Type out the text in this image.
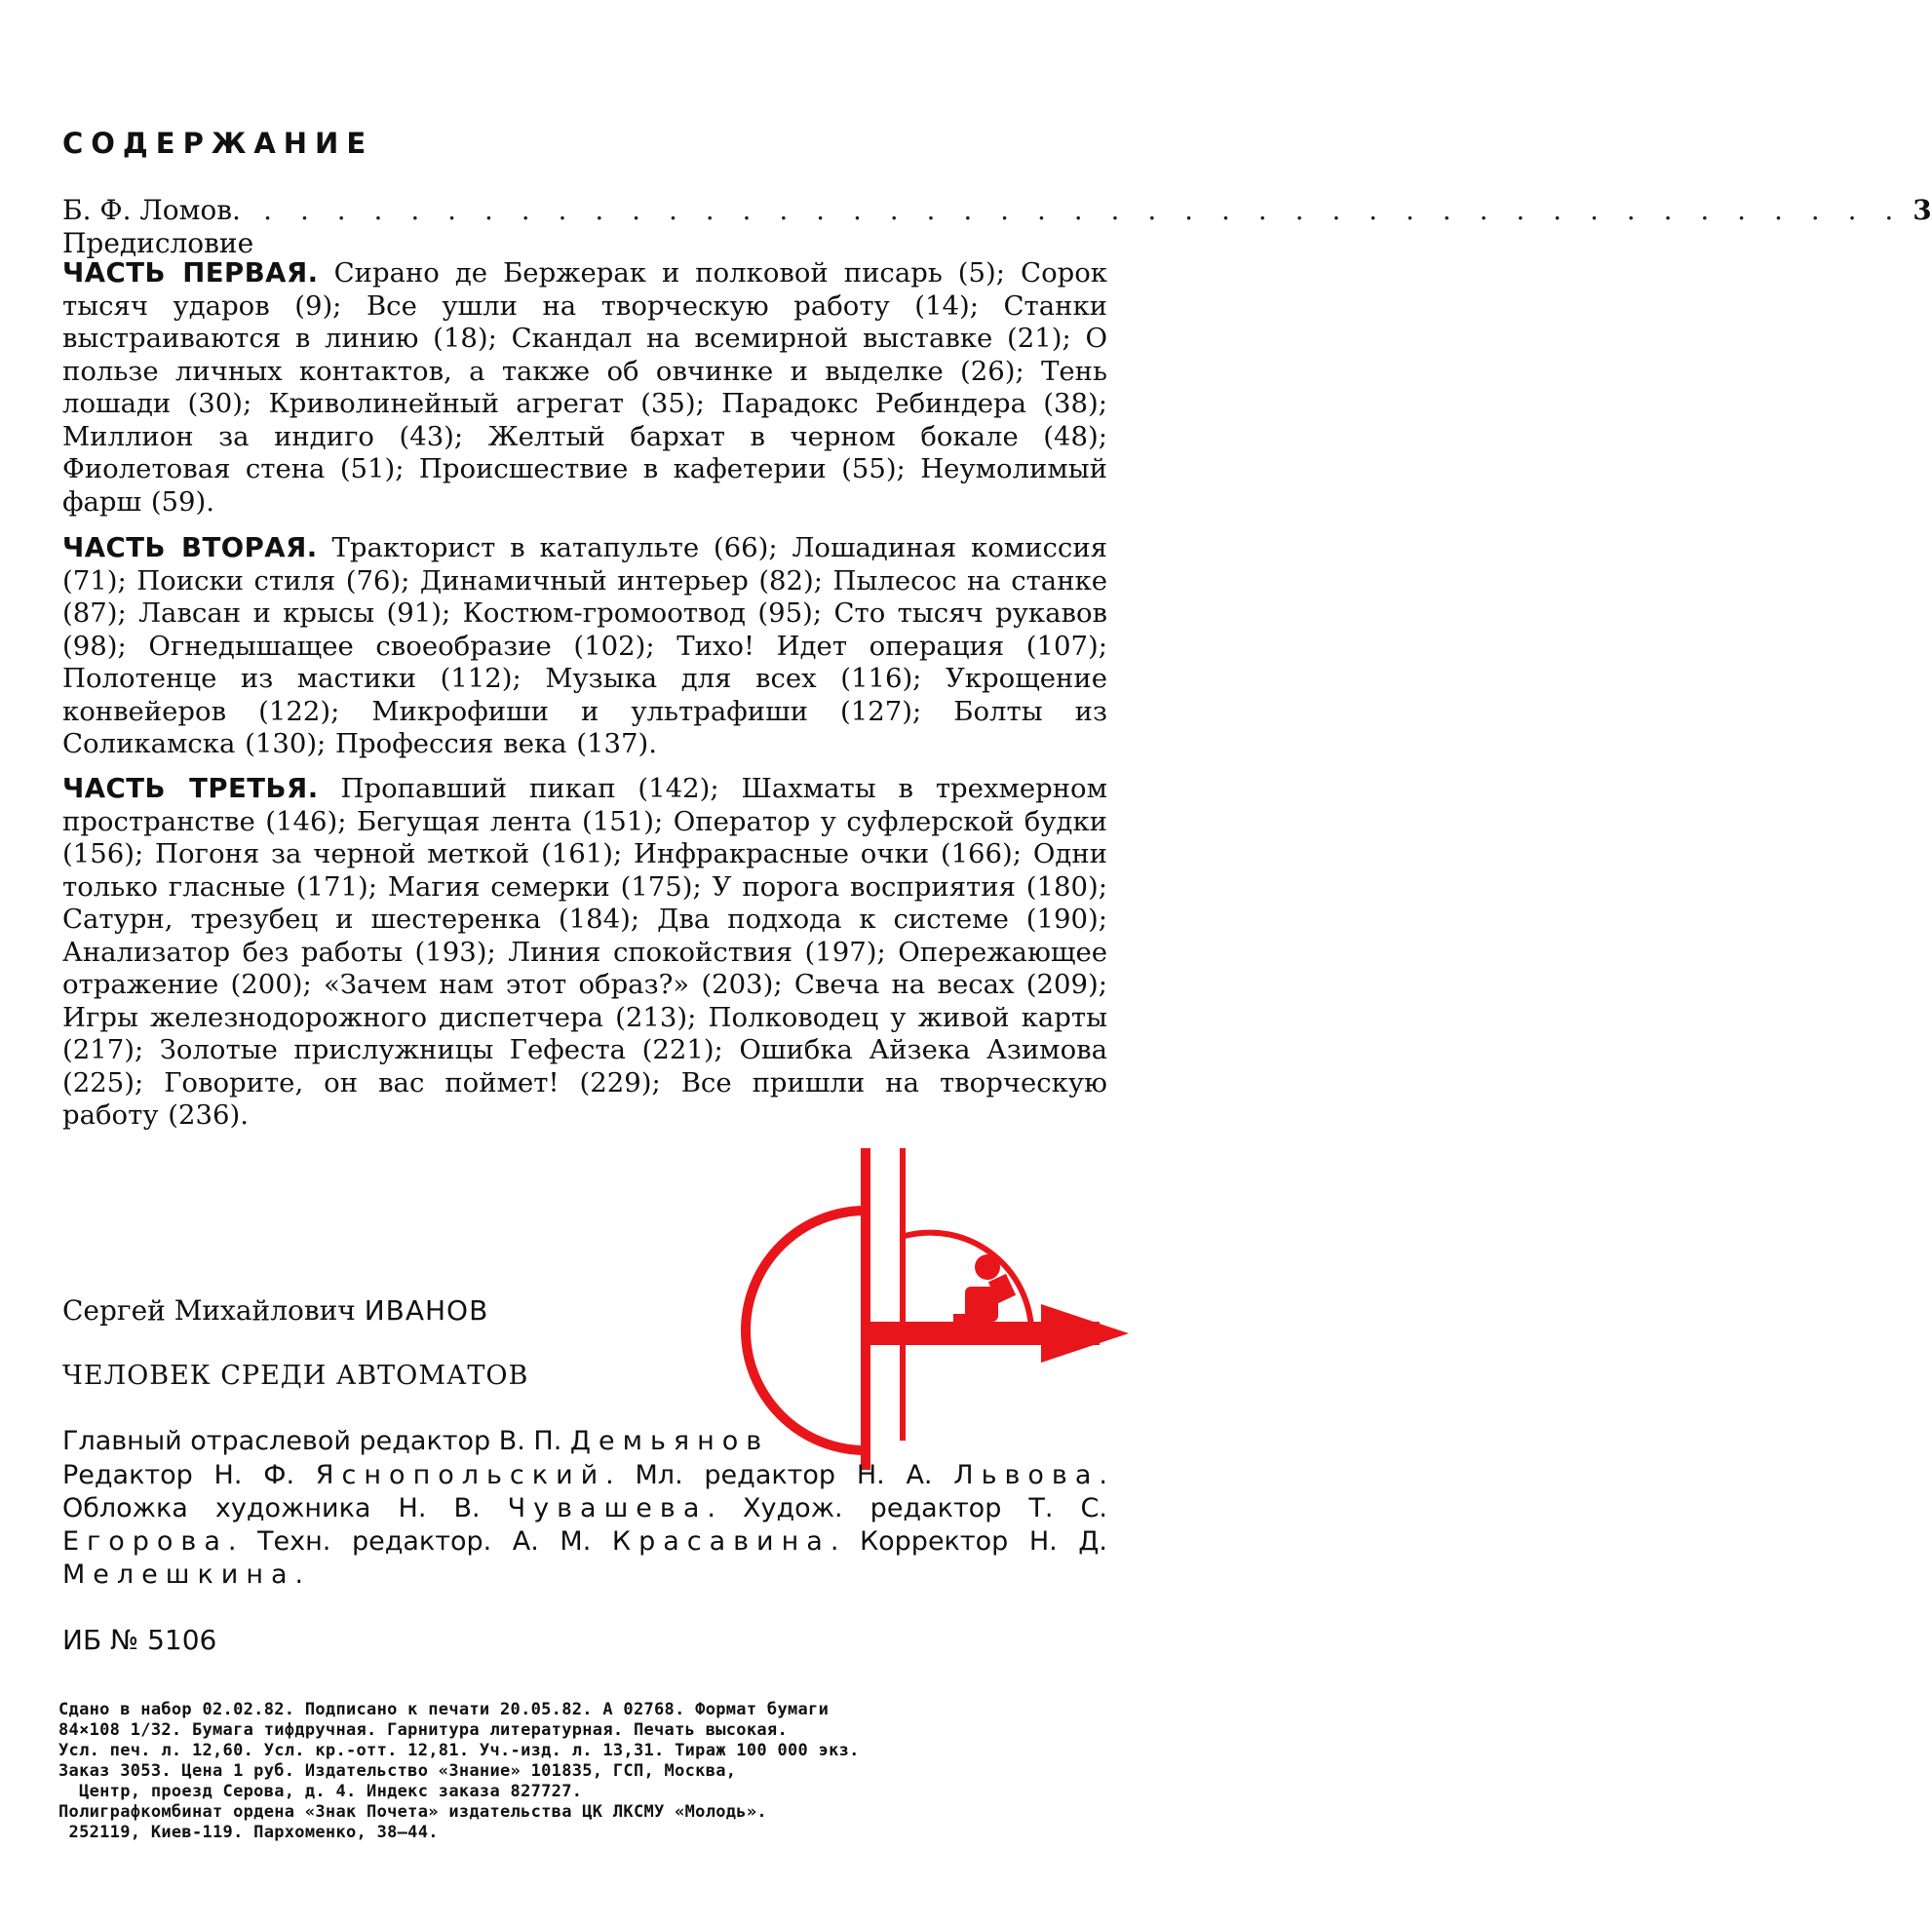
СОДЕРЖАНИЕ
Б. Ф. Ломов. Предисловие
. . . . . . . . . . . . . . . . . . . . . . . . . . . . . . . . . . . . . . . . . . . . . 3
ЧАСТЬ ПЕРВАЯ. Сирано де Бержерак и полковой писарь (5); Сорок тысяч ударов (9); Все ушли на творческую работу (14); Станки выстраиваются в линию (18); Скандал на всемирной выставке (21); О пользе личных контактов, а также об овчинке и выделке (26); Тень лошади (30); Криволинейный агрегат (35); Парадокс Ребиндера (38); Миллион за индиго (43); Желтый бархат в черном бокале (48); Фиолетовая стена (51); Происшествие в кафетерии (55); Неумолимый фарш (59).
ЧАСТЬ ВТОРАЯ. Тракторист в катапульте (66); Лошадиная комиссия (71); Поиски стиля (76); Динамичный интерьер (82); Пылесос на станке (87); Лавсан и крысы (91); Костюм-громоотвод (95); Сто тысяч рукавов (98); Огнедышащее своеобразие (102); Тихо! Идет операция (107); Полотенце из мастики (112); Музыка для всех (116); Укрощение конвейеров (122); Микрофиши и ультрафиши (127); Болты из Соликамска (130); Профессия века (137).
ЧАСТЬ ТРЕТЬЯ. Пропавший пикап (142); Шахматы в трехмерном пространстве (146); Бегущая лента (151); Оператор у суфлерской будки (156); Погоня за черной меткой (161); Инфракрасные очки (166); Одни только гласные (171); Магия семерки (175); У порога восприятия (180); Сатурн, трезубец и шестеренка (184); Два подхода к системе (190); Анализатор без работы (193); Линия спокойствия (197); Опережающее отражение (200); «Зачем нам этот образ?» (203); Свеча на весах (209); Игры железнодорожного диспетчера (213); Полководец у живой карты (217); Золотые прислужницы Гефеста (221); Ошибка Айзека Азимова (225); Говорите, он вас поймет! (229); Все пришли на творческую работу (236).
Сергей Михайлович ИВАНОВ
ЧЕЛОВЕК СРЕДИ АВТОМАТОВ
Главный отраслевой редактор В. П. Демьянов
Редактор Н. Ф. Яснопольский. Мл. редактор Н. А. Львова. Обложка художника Н. В. Чувашева. Худож. редактор Т. С. Егорова. Техн. редактор. А. М. Красавина. Корректор Н. Д. Мелешкина.
ИБ № 5106
Сдано в набор 02.02.82. Подписано к печати 20.05.82. А 02768. Формат бумаги
84×108 1/32. Бумага тифдручная. Гарнитура литературная. Печать высокая.
Усл. печ. л. 12,60. Усл. кр.-отт. 12,81. Уч.-изд. л. 13,31. Тираж 100 000 экз.
Заказ 3053. Цена 1 руб. Издательство «Знание» 101835, ГСП, Москва,
Центр, проезд Серова, д. 4. Индекс заказа 827727.
Полиграфкомбинат ордена «Знак Почета» издательства ЦК ЛКСМУ «Молодь».
252119, Киев-119. Пархоменко, 38—44.
